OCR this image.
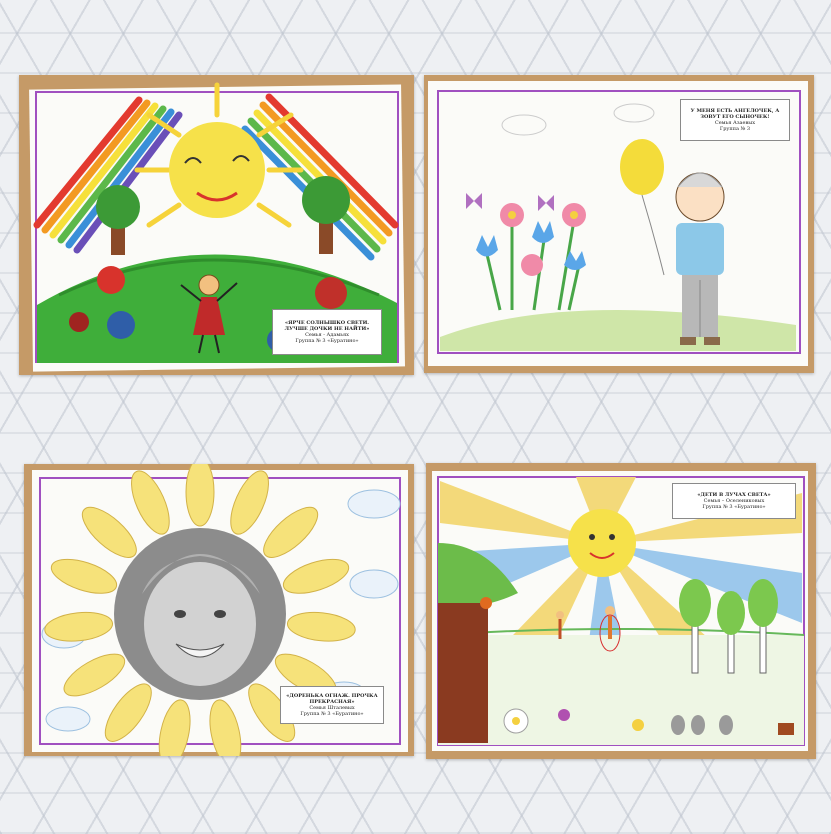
«ЯРЧЕ СОЛНЫШКО СВЕТИ. ЛУЧШЕ ДОЧКИ НЕ НАЙТИ»
Семья - Адамьях
Группа № 3 «Буратино»
У МЕНЯ ЕСТЬ АНГЕЛОЧЕК, А ЗОВУТ ЕГО СЫНОЧЕК!
Семья Азаевых
Группа № 3
«ДОРЕНЬКА ОГНАЖ. ПРОЧКА ПРЕКРАСНАЯ»
Семья Шталевых
Группа № 3 «Буратино»
«ДЕТИ В ЛУЧАХ СВЕТА»
Семья – Оселениковых
Группа № 3 «Буратино»
